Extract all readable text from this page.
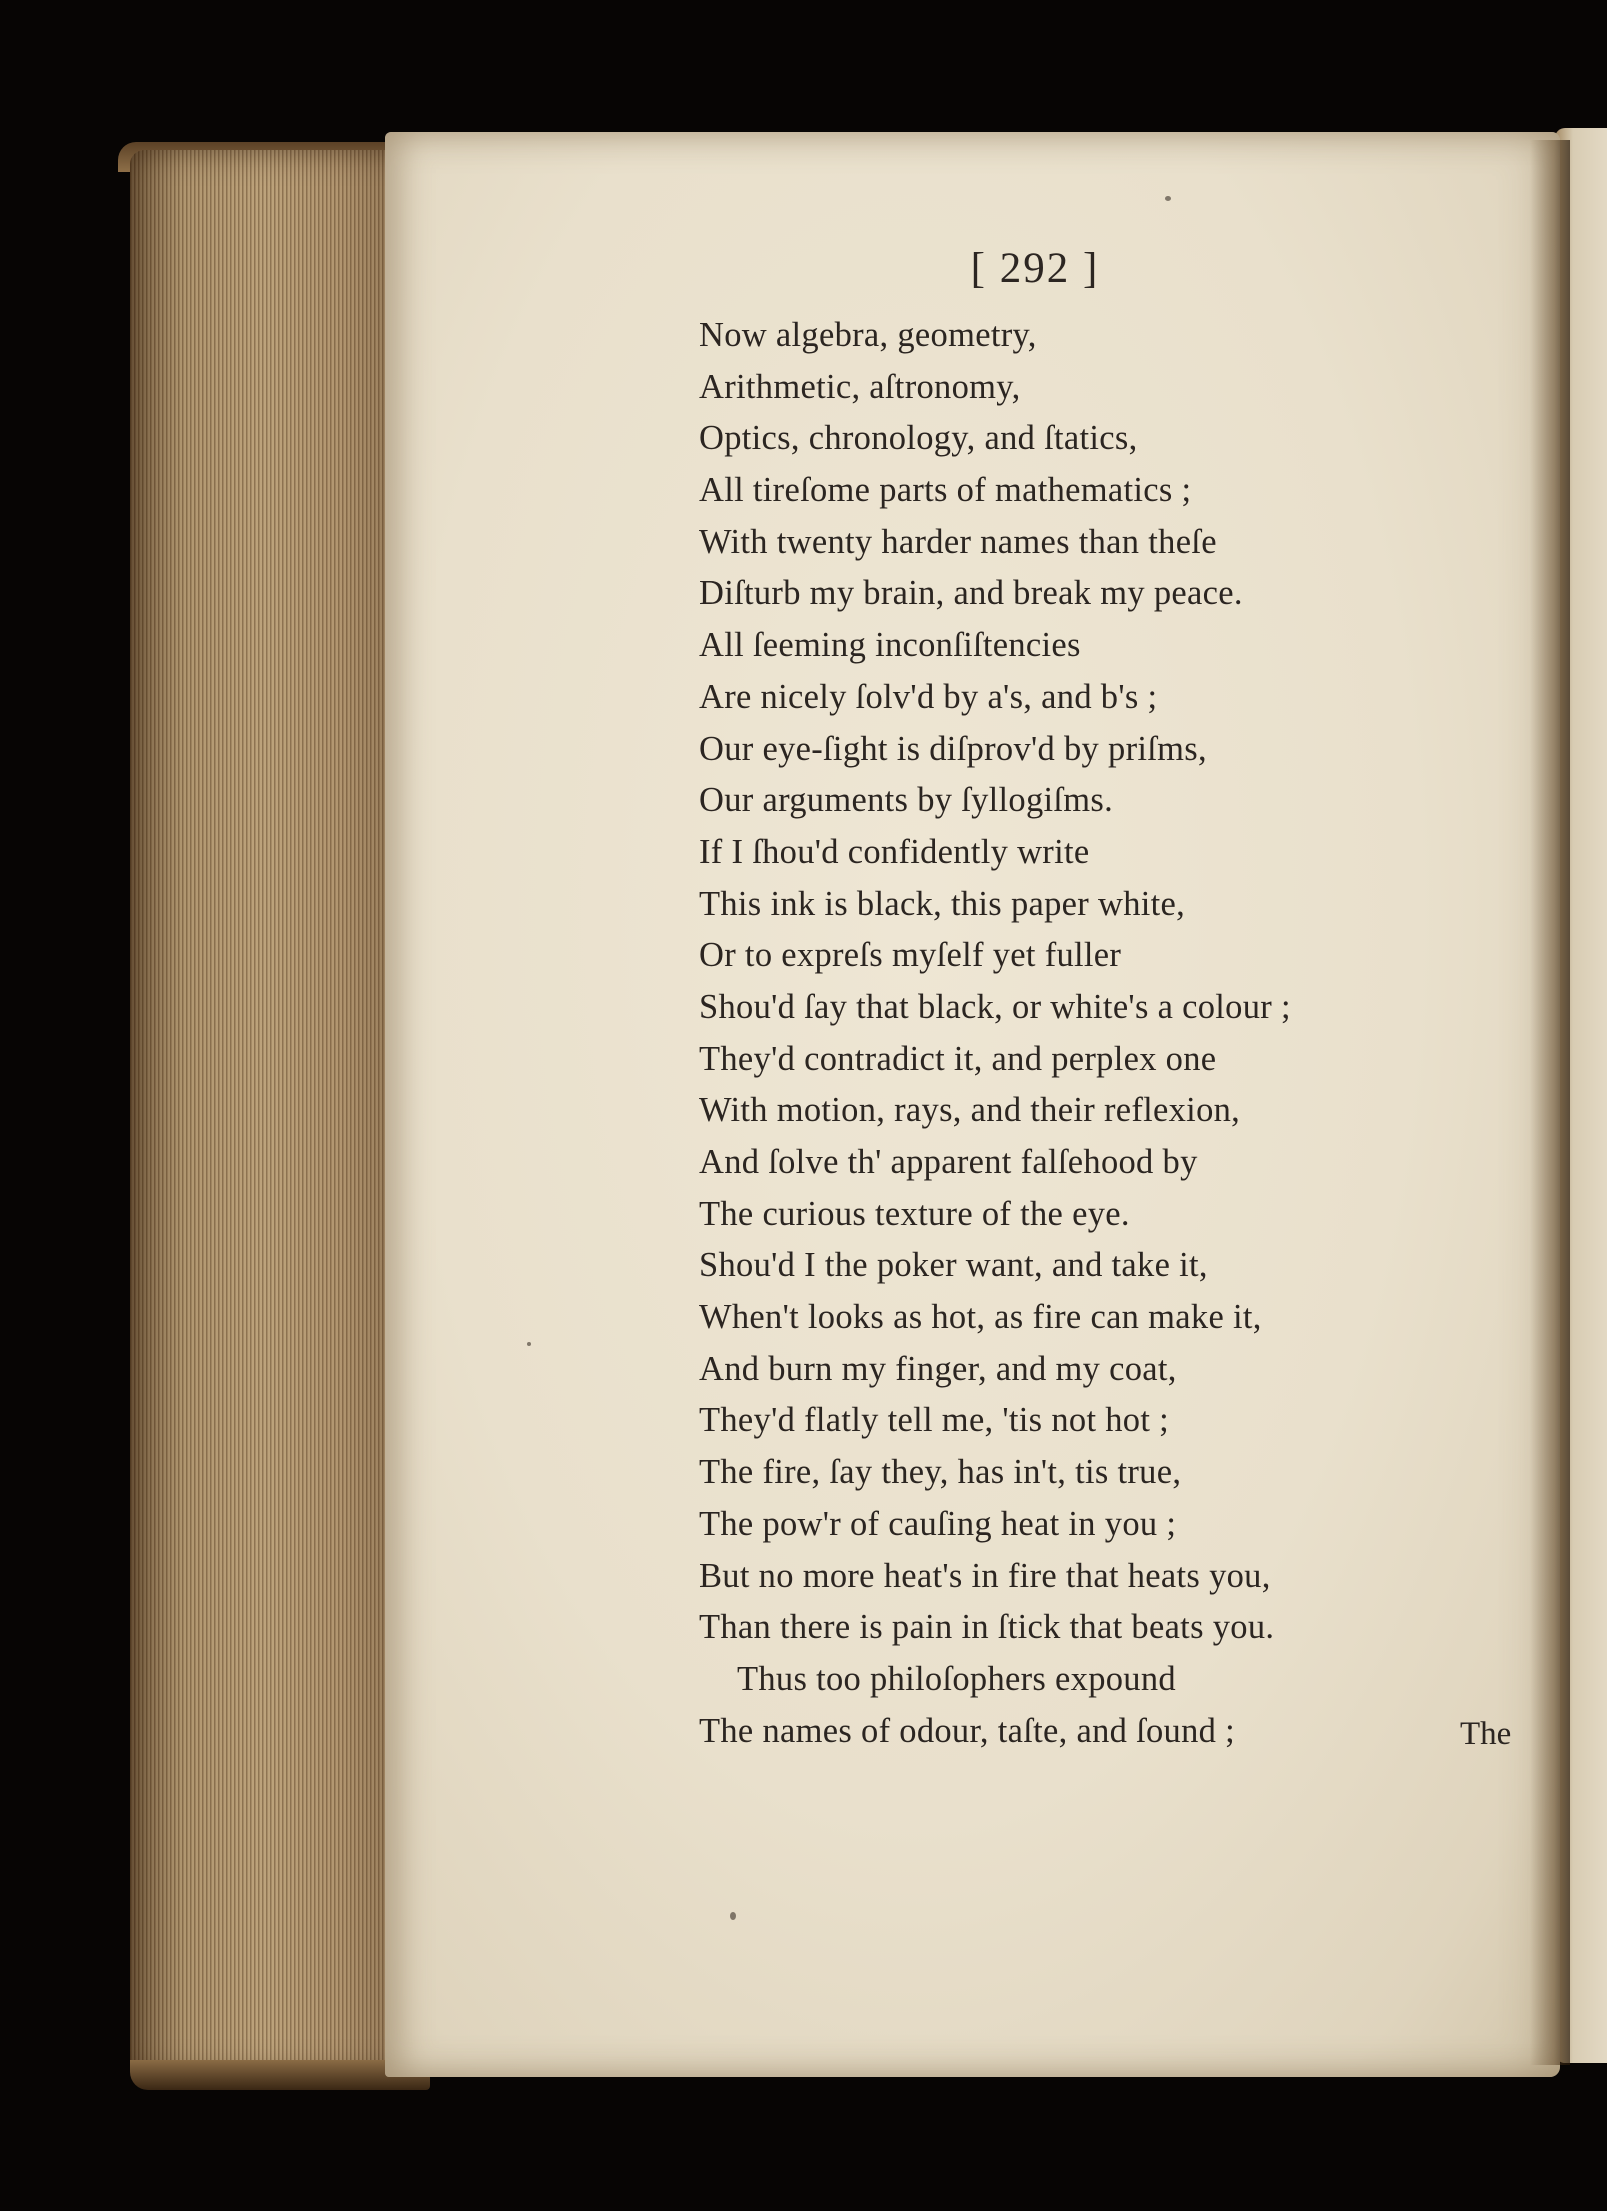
[ 292 ]
Now algebra, geometry,
Arithmetic, aſtronomy,
Optics, chronology, and ſtatics,
All tireſome parts of mathematics ;
With twenty harder names than theſe
Diſturb my brain, and break my peace.
All ſeeming inconſiſtencies
Are nicely ſolv'd by a's, and b's ;
Our eye-ſight is diſprov'd by priſms,
Our arguments by ſyllogiſms.
If I ſhou'd confidently write
This ink is black, this paper white,
Or to expreſs myſelf yet fuller
Shou'd ſay that black, or white's a colour ;
They'd contradict it, and perplex one
With motion, rays, and their reflexion,
And ſolve th' apparent falſehood by
The curious texture of the eye.
Shou'd I the poker want, and take it,
When't looks as hot, as fire can make it,
And burn my finger, and my coat,
They'd flatly tell me, 'tis not hot ;
The fire, ſay they, has in't, tis true,
The pow'r of cauſing heat in you ;
But no more heat's in fire that heats you,
Than there is pain in ſtick that beats you.
Thus too philoſophers expound
The names of odour, taſte, and ſound ;	The
